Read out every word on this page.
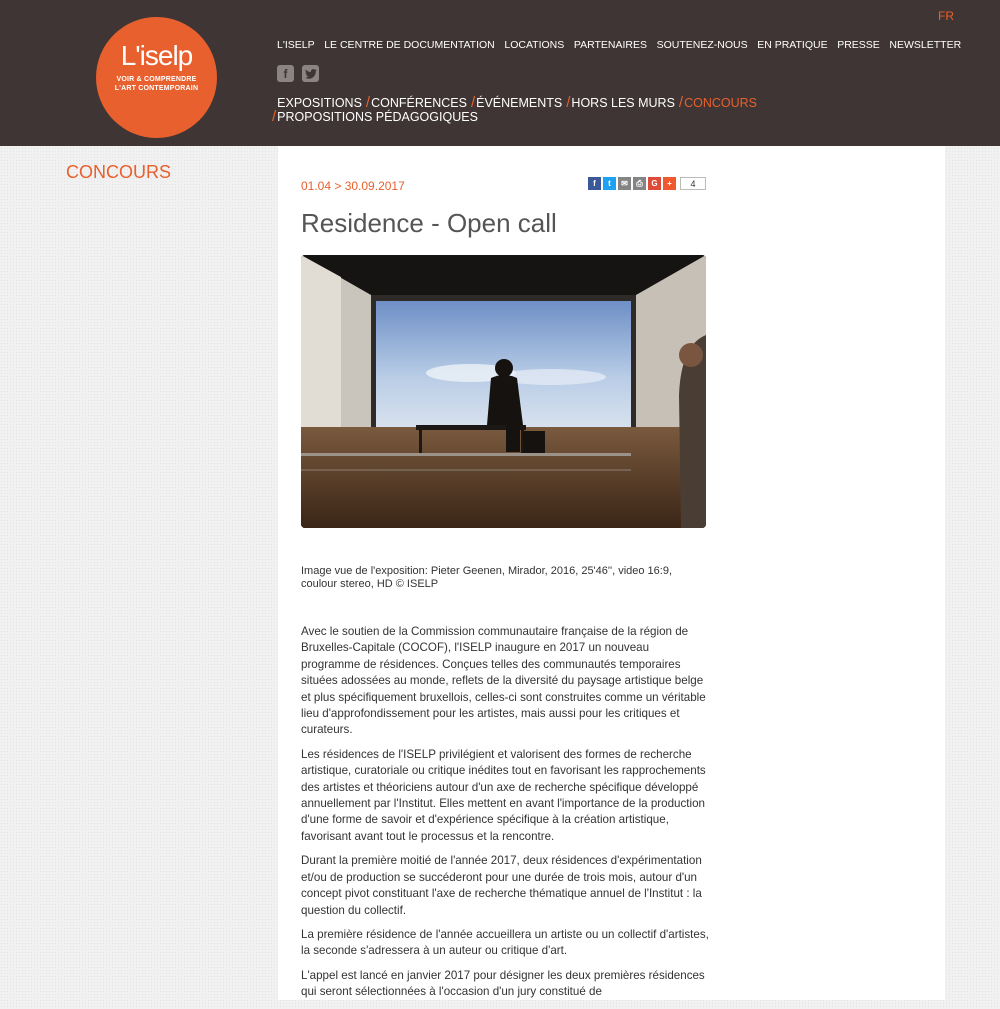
L'iselp
VOIR & COMPRENDRE L'ART CONTEMPORAIN
FR
L'ISELP LE CENTRE DE DOCUMENTATION LOCATIONS PARTENAIRES SOUTENEZ-NOUS EN PRATIQUE PRESSE NEWSLETTER
f
EXPOSITIONS /CONFÉRENCES /ÉVÉNEMENTS /HORS LES MURS /CONCOURS
/PROPOSITIONS PÉDAGOGIQUES
CONCOURS
01.04 > 30.09.2017	f	t	✉	⎙	G	+	4
Residence - Open call
Image vue de l'exposition: Pieter Geenen, Mirador, 2016, 25'46'', video 16:9, coulour stereo, HD © ISELP

Avec le soutien de la Commission communautaire française de la région de Bruxelles-Capitale (COCOF), l'ISELP inaugure en 2017 un nouveau programme de résidences. Conçues telles des communautés temporaires situées adossées au monde, reflets de la diversité du paysage artistique belge et plus spécifiquement bruxellois, celles-ci sont construites comme un véritable lieu d'approfondissement pour les artistes, mais aussi pour les critiques et curateurs.

Les résidences de l'ISELP privilégient et valorisent des formes de recherche artistique, curatoriale ou critique inédites tout en favorisant les rapprochements des artistes et théoriciens autour d'un axe de recherche spécifique développé annuellement par l'Institut. Elles mettent en avant l'importance de la production d'une forme de savoir et d'expérience spécifique à la création artistique, favorisant avant tout le processus et la rencontre.

Durant la première moitié de l'année 2017, deux résidences d'expérimentation et/ou de production se succéderont pour une durée de trois mois, autour d'un concept pivot constituant l'axe de recherche thématique annuel de l'Institut : la question du collectif.

La première résidence de l'année accueillera un artiste ou un collectif d'artistes, la seconde s'adressera à un auteur ou critique d'art.

L'appel est lancé en janvier 2017 pour désigner les deux premières résidences qui seront sélectionnées à l'occasion d'un jury constitué de
